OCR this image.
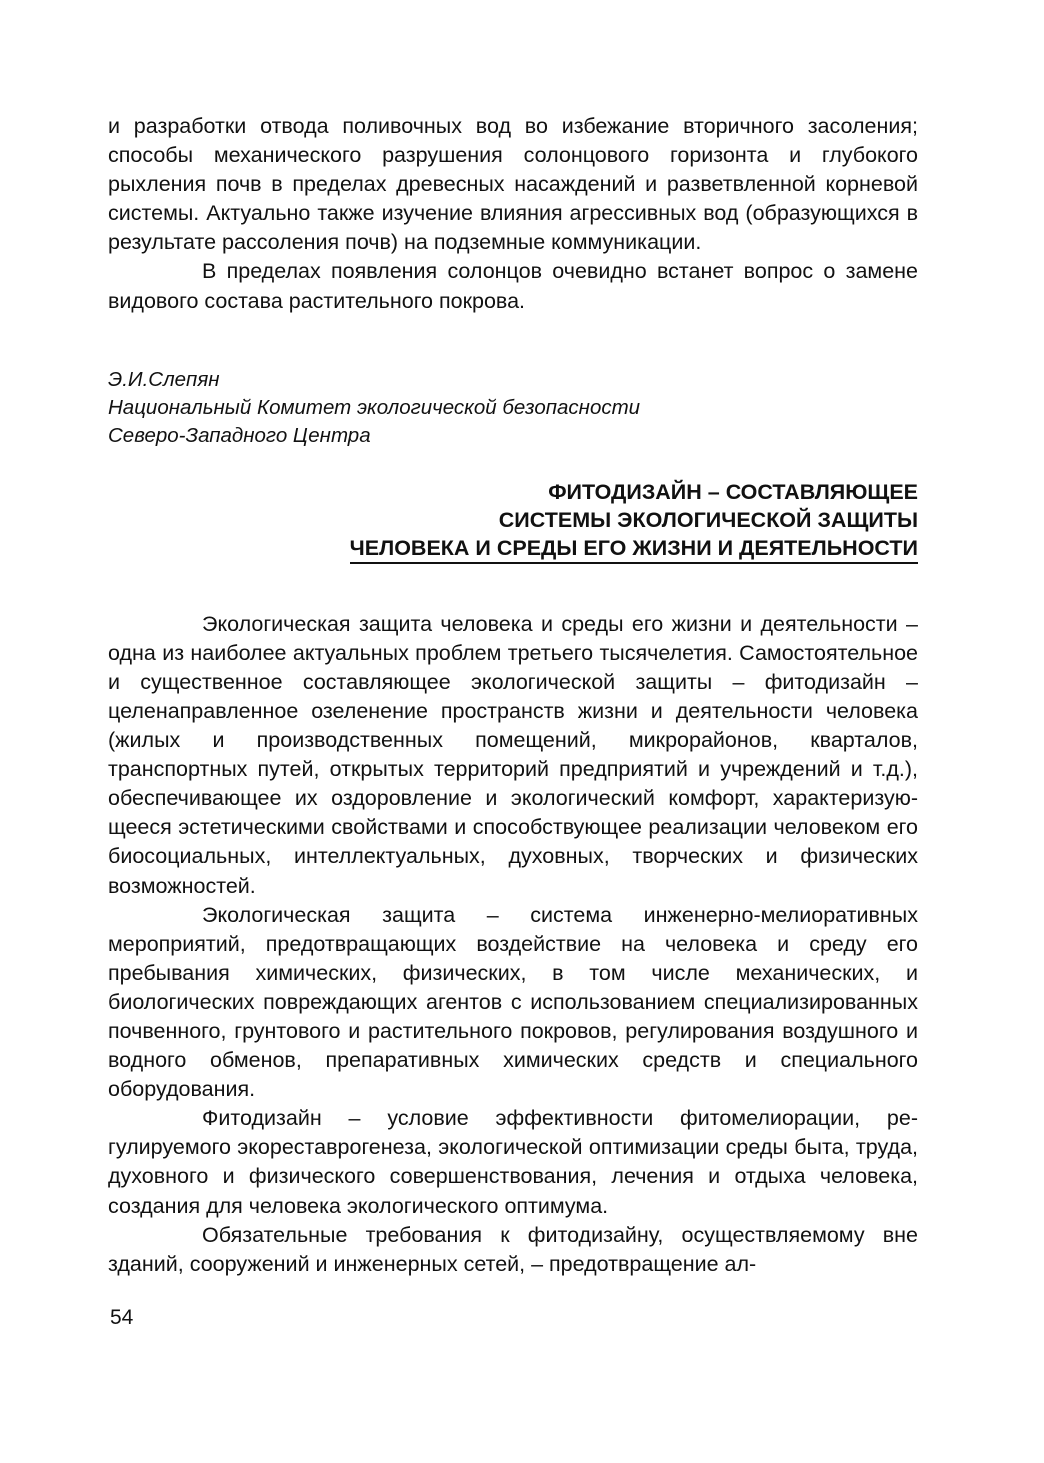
и разработки отвода поливочных вод во избежание вторичного засоления; способы механического разрушения солонцового горизонта и глубокого рыхления почв в пределах древесных насаждений и разветвленной корневой системы. Актуально также изучение влияния агрессивных вод (образующихся в результате рассоления почв) на подземные коммуникации.

В пределах появления солонцов очевидно встанет вопрос о замене видового состава растительного покрова.

Э.И.Слепян
Национальный Комитет экологической безопасности
Северо-Западного Центра
ФИТОДИЗАЙН – СОСТАВЛЯЮЩЕЕ
СИСТЕМЫ ЭКОЛОГИЧЕСКОЙ ЗАЩИТЫ
ЧЕЛОВЕКА И СРЕДЫ ЕГО ЖИЗНИ И ДЕЯТЕЛЬНОСТИ

Экологическая защита человека и среды его жизни и деятельности – одна из наиболее актуальных проблем третьего тысячелетия. Самостоятельное и существенное составляющее экологической защиты – фитодизайн – целенаправленное озеленение пространств жизни и деятельности человека (жилых и производственных помещений, микрорайонов, кварталов, транспортных путей, открытых территорий предприятий и учреждений и т.д.), обеспечивающее их оздоровление и экологический комфорт, характеризующееся эстетическими свойствами и способствующее реализации человеком его биосоциальных, интеллектуальных, духовных, творческих и физических возможностей.

Экологическая защита – система инженерно-мелиоративных мероприятий, предотвращающих воздействие на человека и среду его пребывания химических, физических, в том числе механических, и биологических повреждающих агентов с использованием специализированных почвенного, грунтового и растительного покровов, регулирования воздушного и водного обменов, препаративных химических средств и специального оборудования.

Фитодизайн – условие эффективности фитомелиорации, регулируемого экореставрогенеза, экологической оптимизации среды быта, труда, духовного и физического совершенствования, лечения и отдыха человека, создания для человека экологического оптимума.

Обязательные требования к фитодизайну, осуществляемому вне зданий, сооружений и инженерных сетей, – предотвращение ал-

54
